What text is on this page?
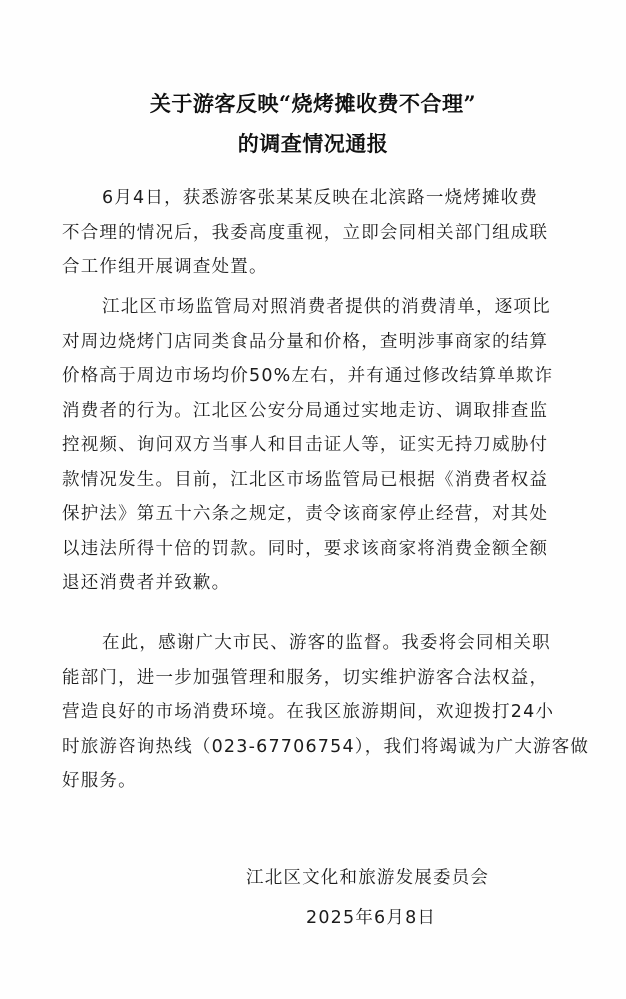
关于游客反映“烧烤摊收费不合理”
的调查情况通报

6月4日，获悉游客张某某反映在北滨路一烧烤摊收费
不合理的情况后，我委高度重视，立即会同相关部门组成联
合工作组开展调查处置。

江北区市场监管局对照消费者提供的消费清单，逐项比
对周边烧烤门店同类食品分量和价格，查明涉事商家的结算
价格高于周边市场均价50%左右，并有通过修改结算单欺诈
消费者的行为。江北区公安分局通过实地走访、调取排查监
控视频、询问双方当事人和目击证人等，证实无持刀威胁付
款情况发生。目前，江北区市场监管局已根据《消费者权益
保护法》第五十六条之规定，责令该商家停止经营，对其处
以违法所得十倍的罚款。同时，要求该商家将消费金额全额
退还消费者并致歉。

在此，感谢广大市民、游客的监督。我委将会同相关职
能部门，进一步加强管理和服务，切实维护游客合法权益，
营造良好的市场消费环境。在我区旅游期间，欢迎拨打24小
时旅游咨询热线（023-67706754），我们将竭诚为广大游客做
好服务。

江北区文化和旅游发展委员会
2025年6月8日
